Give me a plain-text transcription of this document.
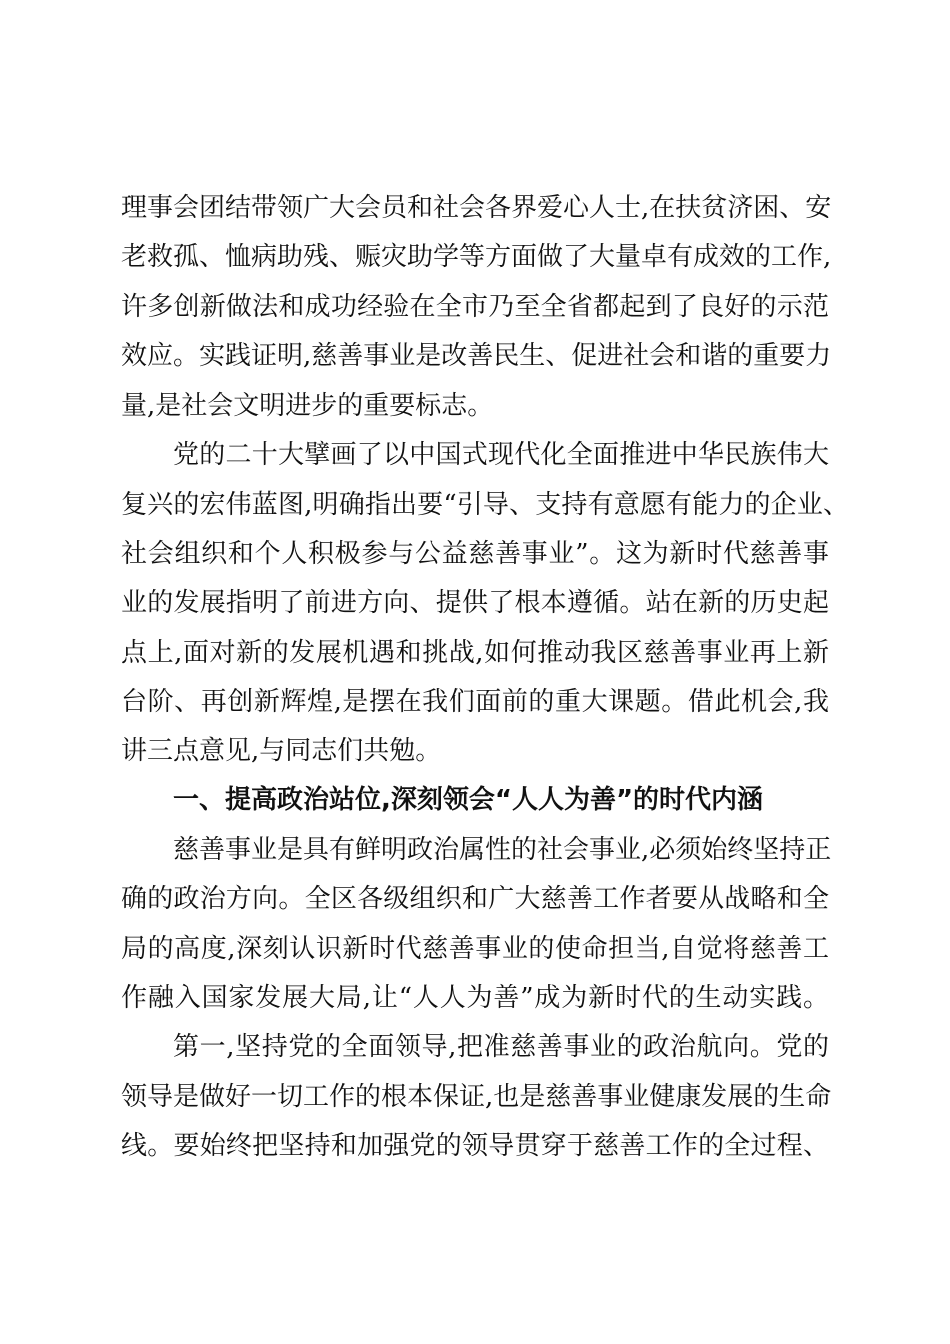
理事会团结带领广大会员和社会各界爱心人士,在扶贫济困、安
老救孤、恤病助残、赈灾助学等方面做了大量卓有成效的工作,
许多创新做法和成功经验在全市乃至全省都起到了良好的示范
效应。实践证明,慈善事业是改善民生、促进社会和谐的重要力
量,是社会文明进步的重要标志。
党的二十大擘画了以中国式现代化全面推进中华民族伟大
复兴的宏伟蓝图,明确指出要“引导、支持有意愿有能力的企业、
社会组织和个人积极参与公益慈善事业”。这为新时代慈善事
业的发展指明了前进方向、提供了根本遵循。站在新的历史起
点上,面对新的发展机遇和挑战,如何推动我区慈善事业再上新
台阶、再创新辉煌,是摆在我们面前的重大课题。借此机会,我
讲三点意见,与同志们共勉。
一、提高政治站位,深刻领会“人人为善”的时代内涵
慈善事业是具有鲜明政治属性的社会事业,必须始终坚持正
确的政治方向。全区各级组织和广大慈善工作者要从战略和全
局的高度,深刻认识新时代慈善事业的使命担当,自觉将慈善工
作融入国家发展大局,让“人人为善”成为新时代的生动实践。
第一,坚持党的全面领导,把准慈善事业的政治航向。党的
领导是做好一切工作的根本保证,也是慈善事业健康发展的生命
线。要始终把坚持和加强党的领导贯穿于慈善工作的全过程、
